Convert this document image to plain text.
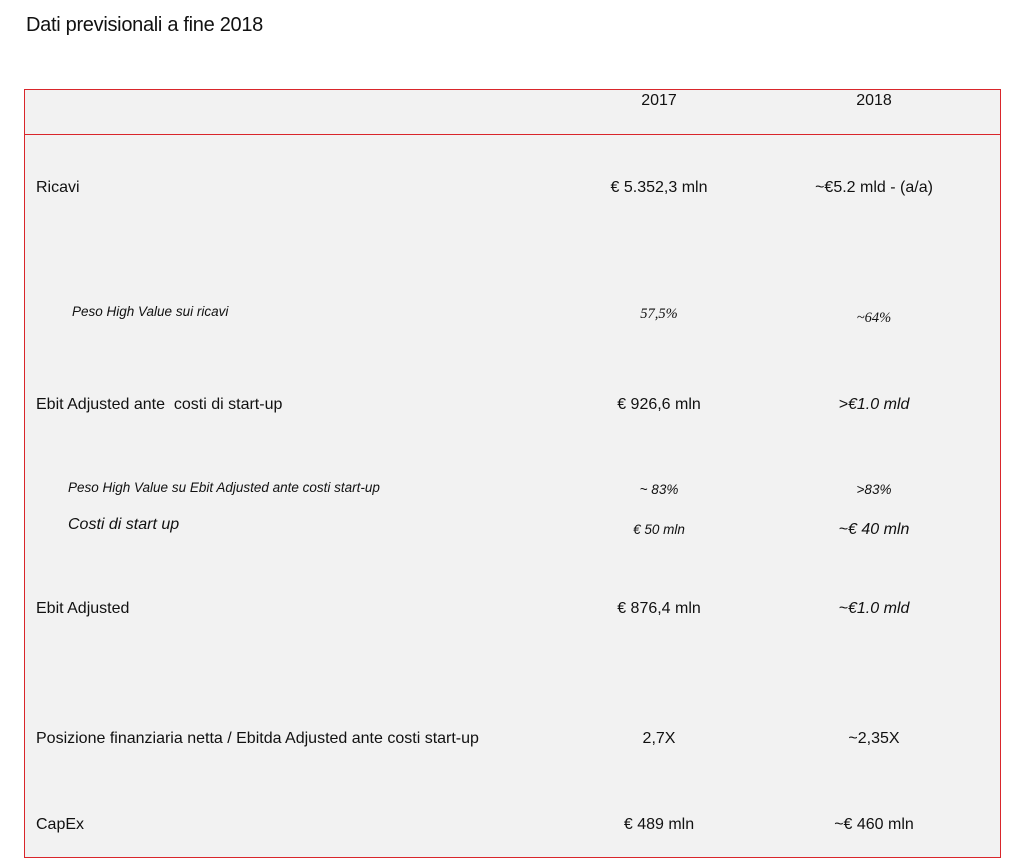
Dati previsionali a fine 2018
2017	2018
Ricavi	€ 5.352,3 mln	~€5.2 mld - (a/a)
Peso High Value sui ricavi	57,5%	~64%
Ebit Adjusted ante  costi di start-up	€ 926,6 mln	>€1.0 mld
Peso High Value su Ebit Adjusted ante costi start-up	~ 83%	>83%
Costi di start up	€ 50 mln	~€ 40 mln
Ebit Adjusted	€ 876,4 mln	~€1.0 mld
Posizione finanziaria netta / Ebitda Adjusted ante costi start-up	2,7X	~2,35X
CapEx	€ 489 mln	~€ 460 mln
